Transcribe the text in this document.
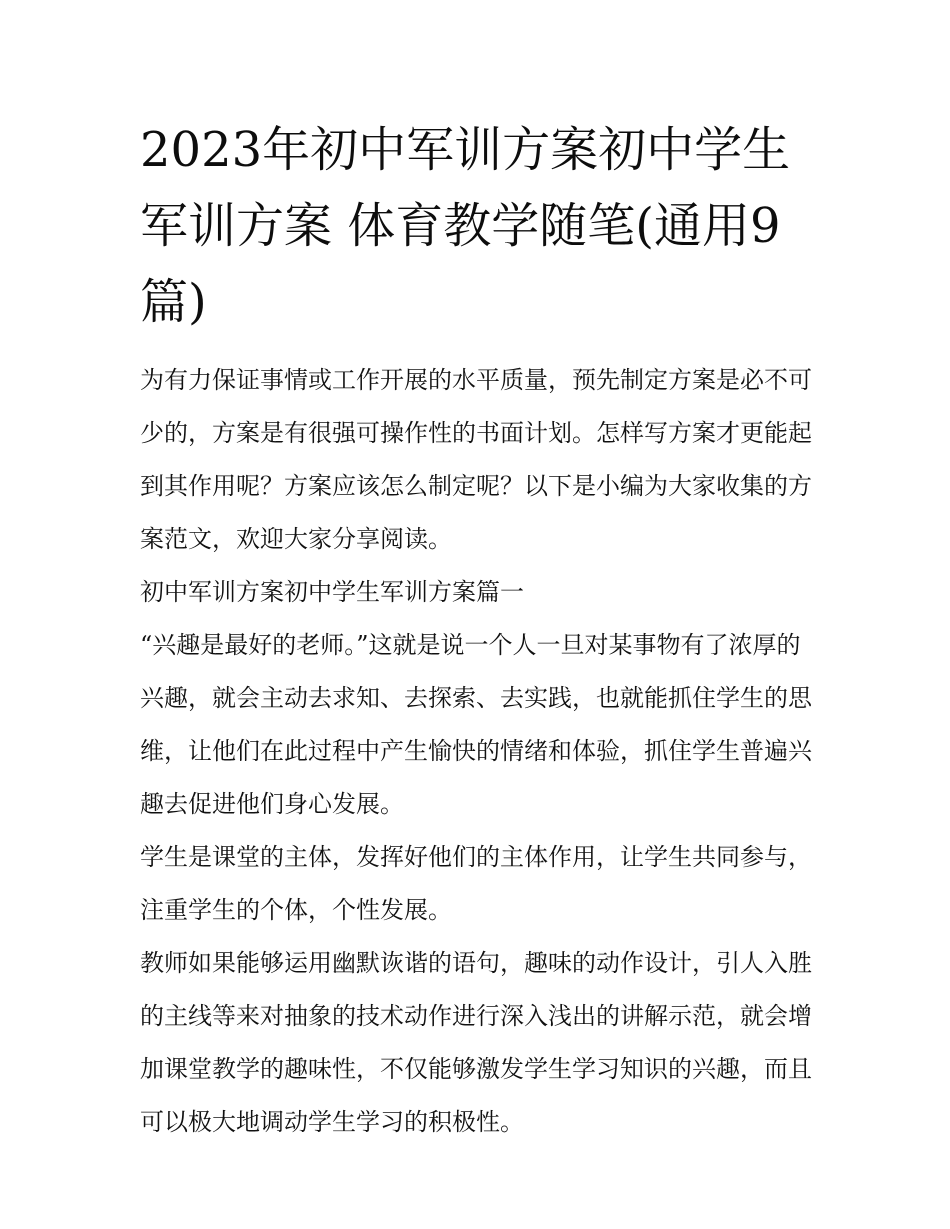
2023年初中军训方案初中学生军训方案 体育教学随笔(通用9篇)

为有力保证事情或工作开展的水平质量，预先制定方案是必不可少的，方案是有很强可操作性的书面计划。怎样写方案才更能起到其作用呢？方案应该怎么制定呢？以下是小编为大家收集的方案范文，欢迎大家分享阅读。

初中军训方案初中学生军训方案篇一

“兴趣是最好的老师。”这就是说一个人一旦对某事物有了浓厚的兴趣，就会主动去求知、去探索、去实践，也就能抓住学生的思维，让他们在此过程中产生愉快的情绪和体验，抓住学生普遍兴趣去促进他们身心发展。

学生是课堂的主体，发挥好他们的主体作用，让学生共同参与，注重学生的个体，个性发展。

教师如果能够运用幽默诙谐的语句，趣味的动作设计，引人入胜的主线等来对抽象的技术动作进行深入浅出的讲解示范，就会增加课堂教学的趣味性，不仅能够激发学生学习知识的兴趣，而且可以极大地调动学生学习的积极性。
